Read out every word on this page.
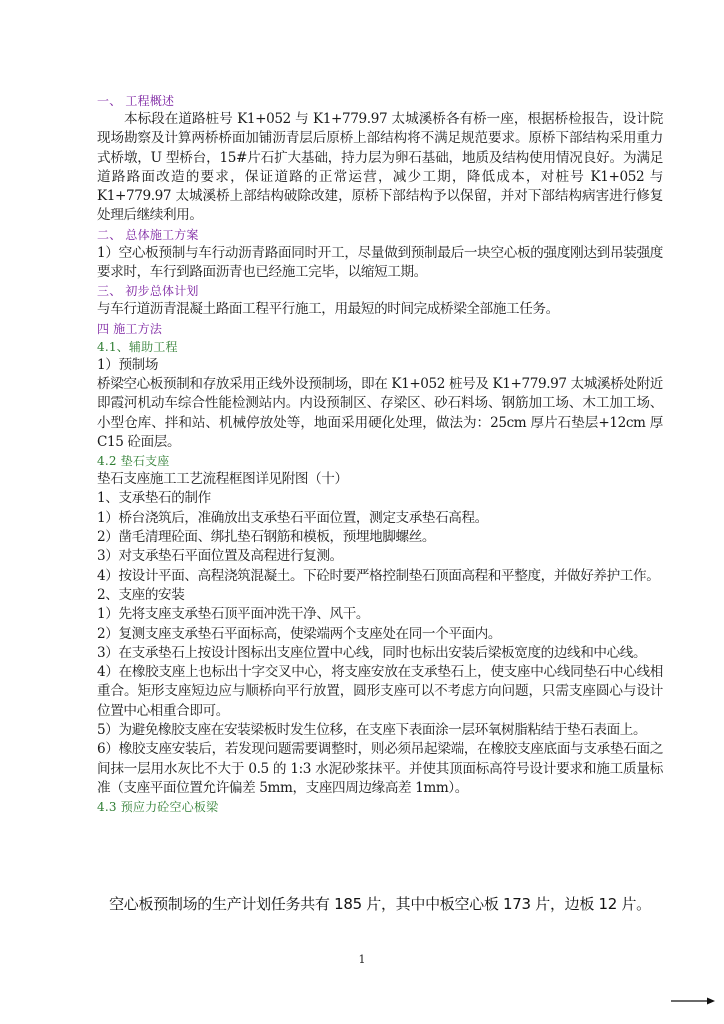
一、 工程概述

本标段在道路桩号 K1+052 与 K1+779.97 太城溪桥各有桥一座，根据桥检报告，设计院现场勘察及计算两桥桥面加铺沥青层后原桥上部结构将不满足规范要求。原桥下部结构采用重力式桥墩，U 型桥台，15#片石扩大基础，持力层为卵石基础，地质及结构使用情况良好。为满足道路路面改造的要求，保证道路的正常运营，减少工期，降低成本，对桩号 K1+052 与 K1+779.97 太城溪桥上部结构破除改建，原桥下部结构予以保留，并对下部结构病害进行修复处理后继续利用。

二、 总体施工方案

1）空心板预制与车行动沥青路面同时开工，尽量做到预制最后一块空心板的强度刚达到吊装强度要求时，车行到路面沥青也已经施工完毕，以缩短工期。

三、 初步总体计划

与车行道沥青混凝土路面工程平行施工，用最短的时间完成桥梁全部施工任务。

四 施工方法

4.1、辅助工程

1）预制场

桥梁空心板预制和存放采用正线外设预制场，即在 K1+052 桩号及 K1+779.97 太城溪桥处附近即霞河机动车综合性能检测站内。内设预制区、存梁区、砂石料场、钢筋加工场、木工加工场、小型仓库、拌和站、机械停放处等，地面采用硬化处理，做法为：25cm 厚片石垫层+12cm 厚 C15 砼面层。

4.2 垫石支座

垫石支座施工工艺流程框图详见附图（十）

1、支承垫石的制作

1）桥台浇筑后，准确放出支承垫石平面位置，测定支承垫石高程。

2）凿毛清理砼面、绑扎垫石钢筋和模板，预埋地脚螺丝。

3）对支承垫石平面位置及高程进行复测。

4）按设计平面、高程浇筑混凝土。下砼时要严格控制垫石顶面高程和平整度，并做好养护工作。

2、支座的安装

1）先将支座支承垫石顶平面冲洗干净、风干。

2）复测支座支承垫石平面标高，使梁端两个支座处在同一个平面内。

3）在支承垫石上按设计图标出支座位置中心线，同时也标出安装后梁板宽度的边线和中心线。

4）在橡胶支座上也标出十字交叉中心，将支座安放在支承垫石上，使支座中心线同垫石中心线相重合。矩形支座短边应与顺桥向平行放置，圆形支座可以不考虑方向问题，只需支座圆心与设计位置中心相重合即可。

5）为避免橡胶支座在安装梁板时发生位移，在支座下表面涂一层环氧树脂粘结于垫石表面上。

6）橡胶支座安装后，若发现问题需要调整时，则必须吊起梁端，在橡胶支座底面与支承垫石面之间抹一层用水灰比不大于 0.5 的 1:3 水泥砂浆抹平。并使其顶面标高符号设计要求和施工质量标准（支座平面位置允许偏差 5mm，支座四周边缘高差 1mm）。

4.3 预应力砼空心板梁

空心板预制场的生产计划任务共有 185 片，其中中板空心板 173 片，边板 12 片。

1
